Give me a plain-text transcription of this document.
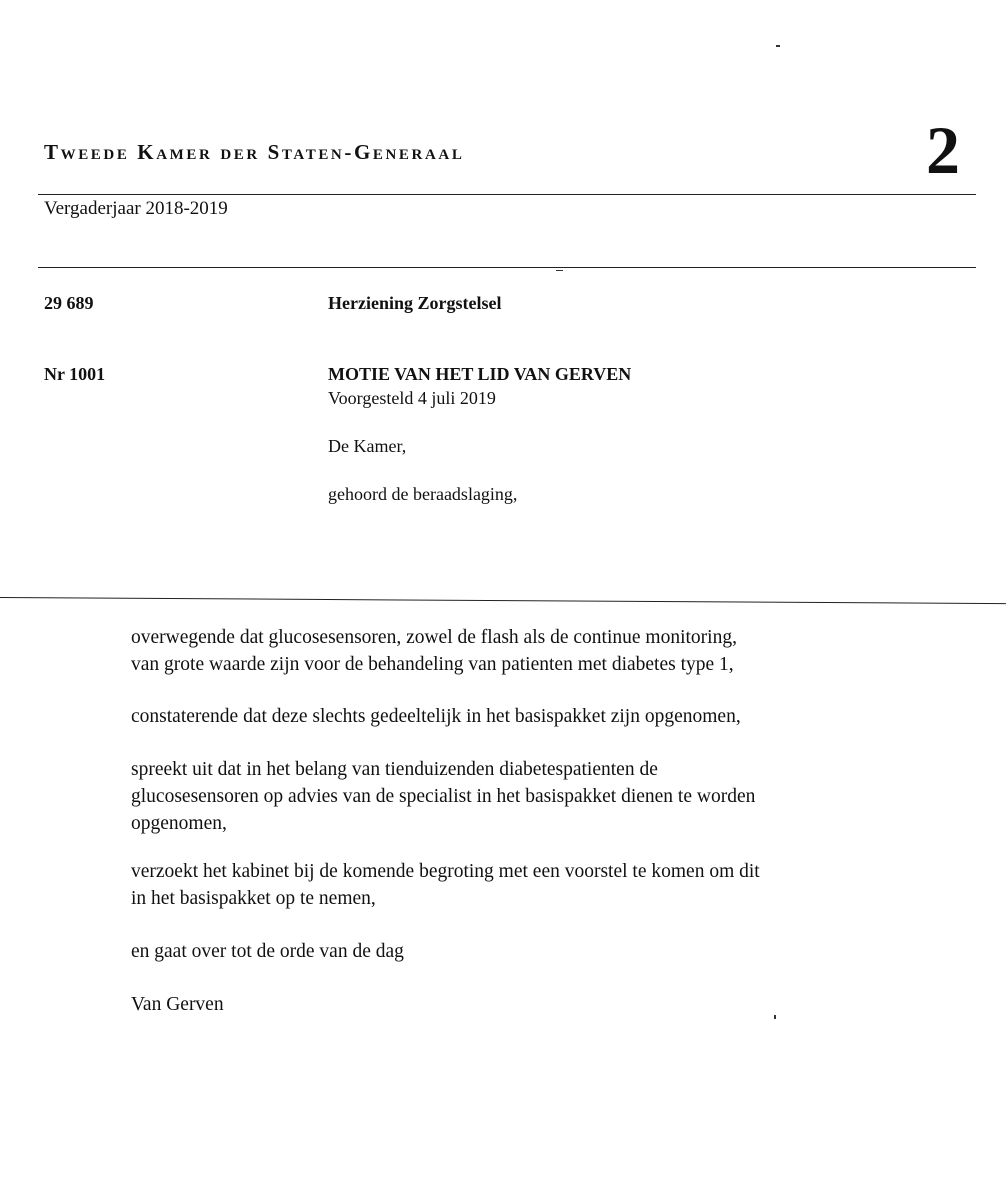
Tweede Kamer der Staten-Generaal	2
Vergaderjaar 2018-2019
29 689	Herziening Zorgstelsel
Nr 1001	MOTIE VAN HET LID VAN GERVEN
Voorgesteld 4 juli 2019
De Kamer,
gehoord de beraadslaging,
overwegende dat glucosesensoren, zowel de flash als de continue monitoring,
van grote waarde zijn voor de behandeling van patienten met diabetes type 1,
constaterende dat deze slechts gedeeltelijk in het basispakket zijn opgenomen,
spreekt uit dat in het belang van tienduizenden diabetespatienten de
glucosesensoren op advies van de specialist in het basispakket dienen te worden
opgenomen,
verzoekt het kabinet bij de komende begroting met een voorstel te komen om dit
in het basispakket op te nemen,
en gaat over tot de orde van de dag
Van Gerven
